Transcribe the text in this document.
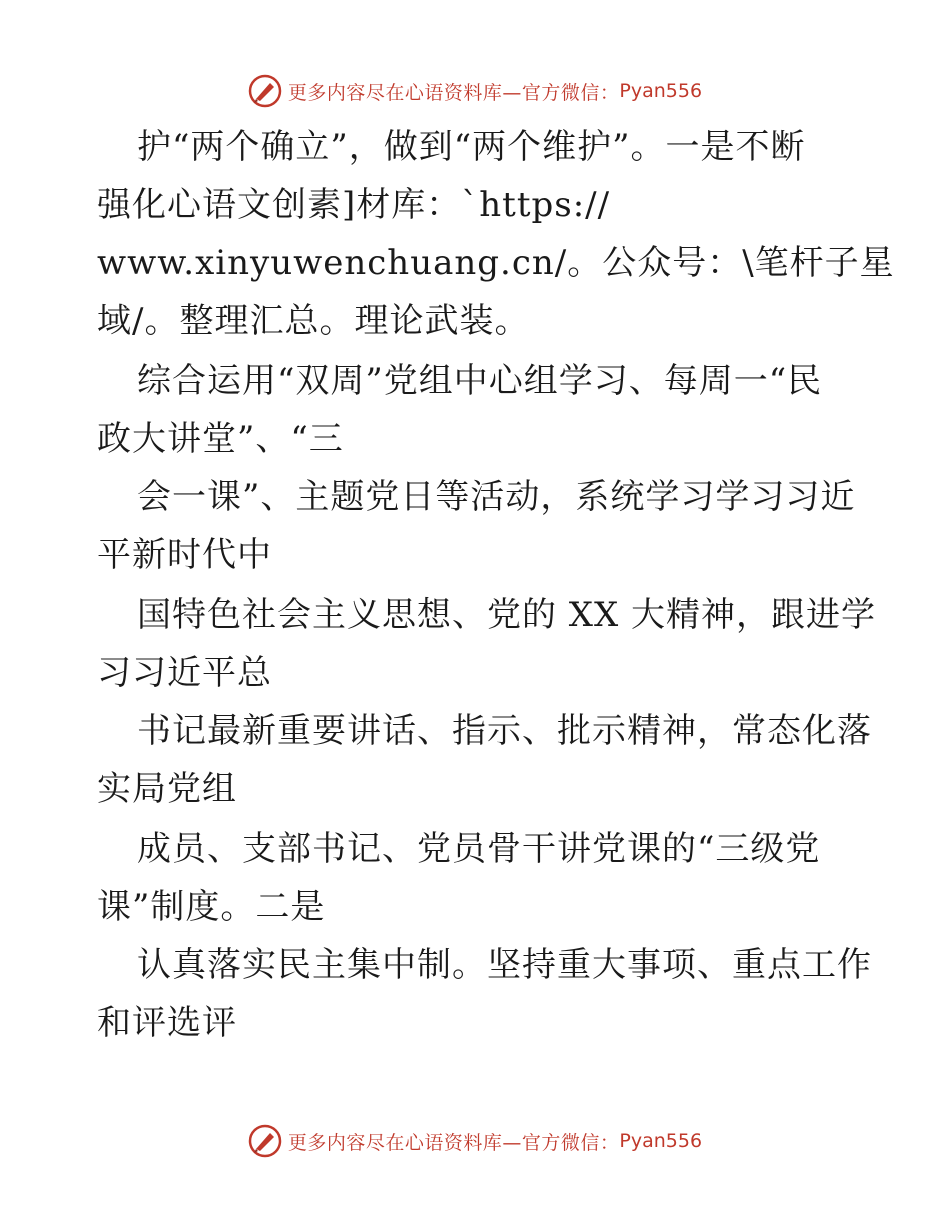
更多内容尽在心语资料库—官方微信： Pyan556
护“两个确立”，做到“两个维护”。一是不断
强化心语文创素]材库：`https://
www.xinyuwenchuang.cn/。公众号：\笔杆子星
域/。整理汇总。理论武装。
综合运用“双周”党组中心组学习、每周一“民
政大讲堂”、“三
会一课”、主题党日等活动，系统学习学习习近
平新时代中
国特色社会主义思想、党的 XX 大精神，跟进学
习习近平总
书记最新重要讲话、指示、批示精神，常态化落
实局党组
成员、支部书记、党员骨干讲党课的“三级党
课”制度。二是
认真落实民主集中制。坚持重大事项、重点工作
和评选评
更多内容尽在心语资料库—官方微信： Pyan556
